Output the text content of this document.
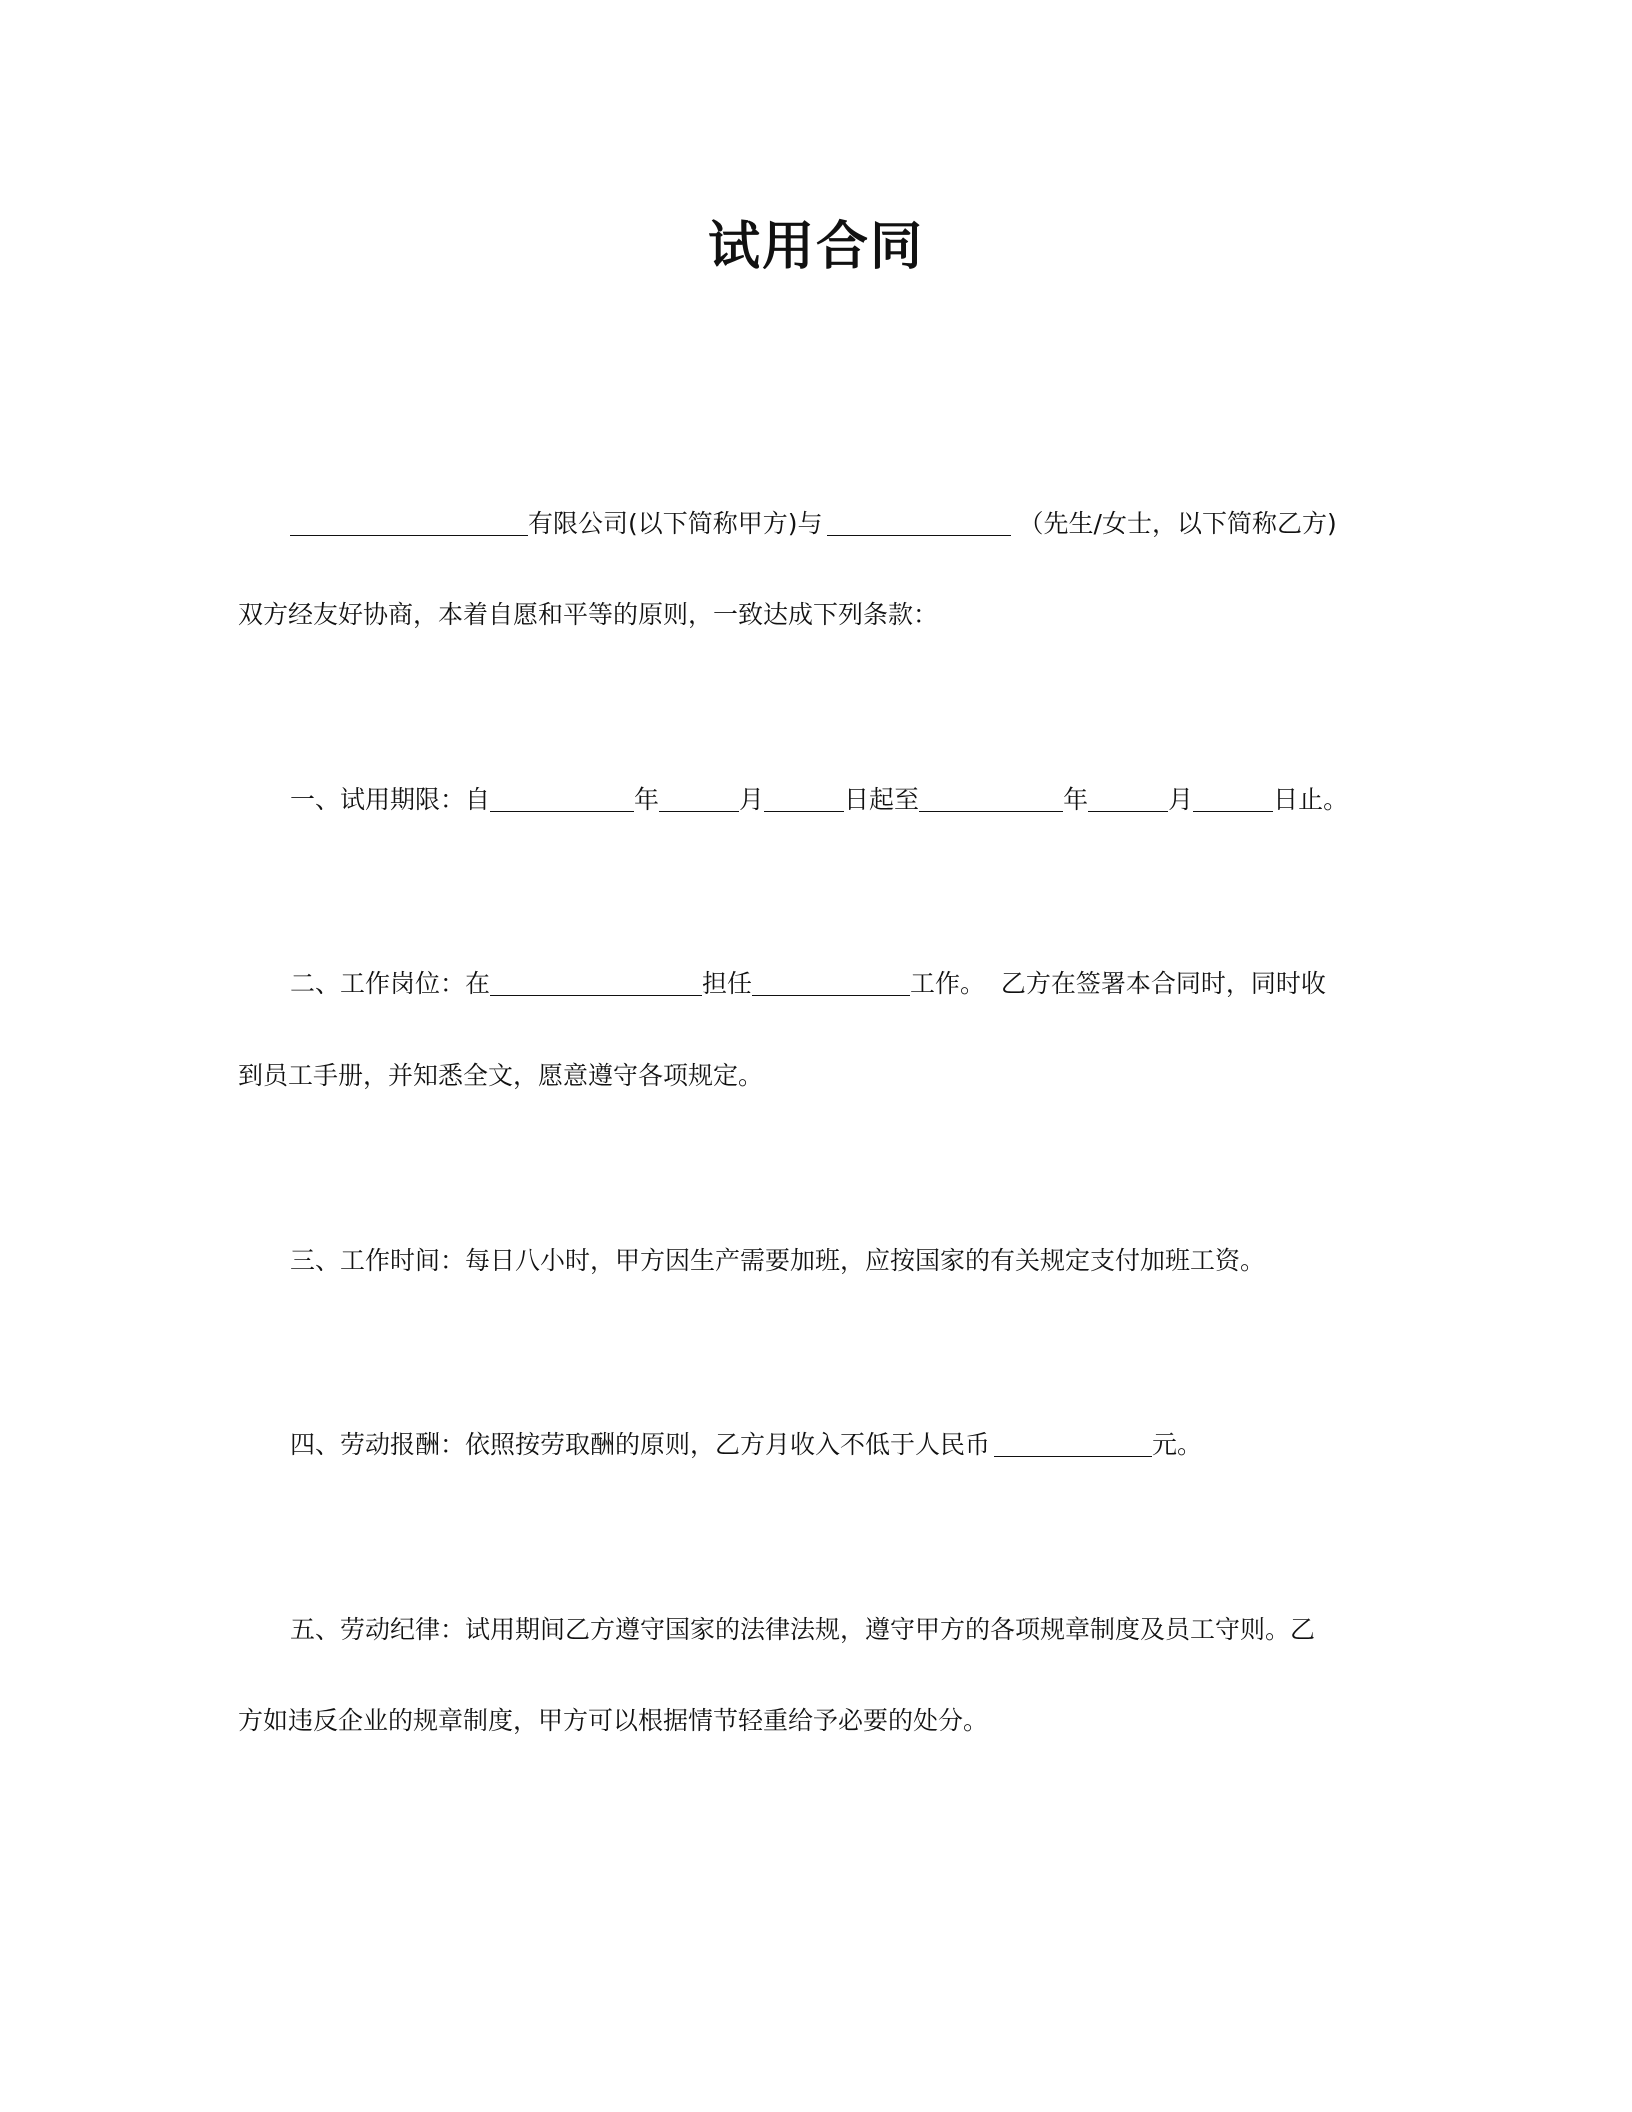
试用合同
有限公司(以下简称甲方)与	（先生/女士，以下简称乙方)
双方经友好协商，本着自愿和平等的原则，一致达成下列条款：
一、试用期限：自	年	月	日起至	年	月	日止。
二、工作岗位：在	担任	工作。  乙方在签署本合同时，同时收
到员工手册，并知悉全文，愿意遵守各项规定。
三、工作时间：每日八小时，甲方因生产需要加班，应按国家的有关规定支付加班工资。
四、劳动报酬：依照按劳取酬的原则，乙方月收入不低于人民币	元。
五、劳动纪律：试用期间乙方遵守国家的法律法规，遵守甲方的各项规章制度及员工守则。乙
方如违反企业的规章制度，甲方可以根据情节轻重给予必要的处分。
